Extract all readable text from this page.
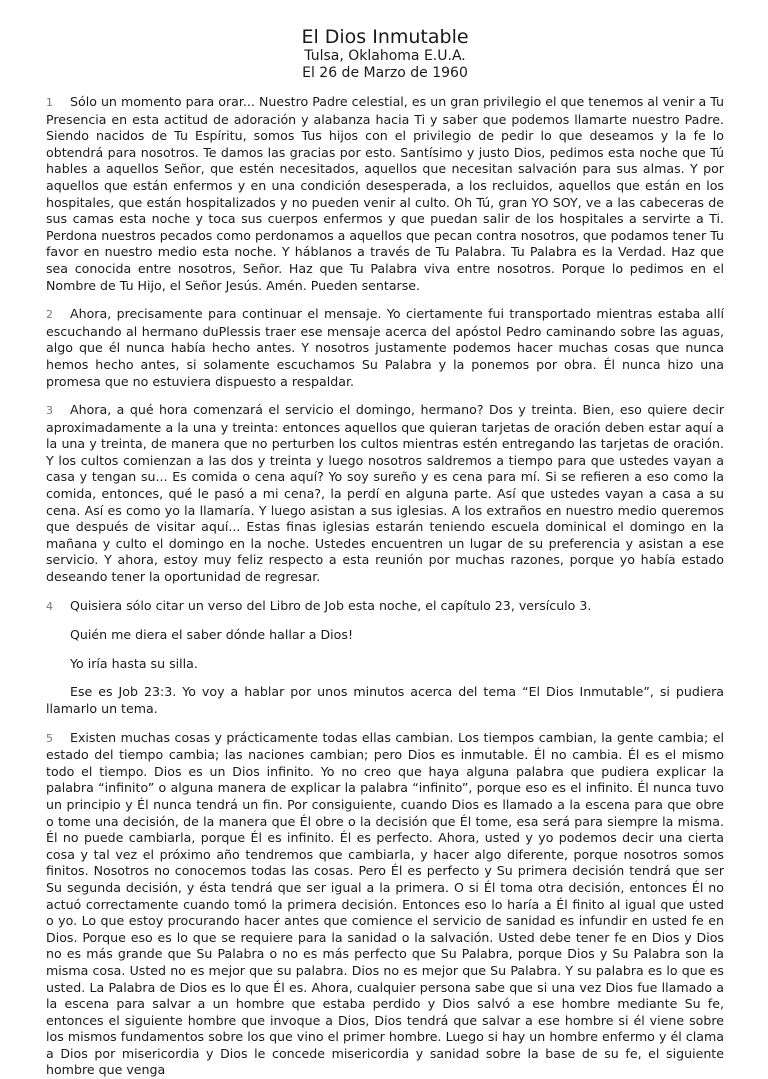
El Dios Inmutable
Tulsa, Oklahoma E.U.A.
El 26 de Marzo de 1960

1 Sólo un momento para orar... Nuestro Padre celestial, es un gran privilegio el que tenemos al venir a Tu Presencia en esta actitud de adoración y alabanza hacia Ti y saber que podemos llamarte nuestro Padre. Siendo nacidos de Tu Espíritu, somos Tus hijos con el privilegio de pedir lo que deseamos y la fe lo obtendrá para nosotros. Te damos las gracias por esto. Santísimo y justo Dios, pedimos esta noche que Tú hables a aquellos Señor, que estén necesitados, aquellos que necesitan salvación para sus almas. Y por aquellos que están enfermos y en una condición desesperada, a los recluidos, aquellos que están en los hospitales, que están hospitalizados y no pueden venir al culto. Oh Tú, gran YO SOY, ve a las cabeceras de sus camas esta noche y toca sus cuerpos enfermos y que puedan salir de los hospitales a servirte a Ti. Perdona nuestros pecados como perdonamos a aquellos que pecan contra nosotros, que podamos tener Tu favor en nuestro medio esta noche. Y háblanos a través de Tu Palabra. Tu Palabra es la Verdad. Haz que sea conocida entre nosotros, Señor. Haz que Tu Palabra viva entre nosotros. Porque lo pedimos en el Nombre de Tu Hijo, el Señor Jesús. Amén. Pueden sentarse.

2 Ahora, precisamente para continuar el mensaje. Yo ciertamente fui transportado mientras estaba allí escuchando al hermano duPlessis traer ese mensaje acerca del apóstol Pedro caminando sobre las aguas, algo que él nunca había hecho antes. Y nosotros justamente podemos hacer muchas cosas que nunca hemos hecho antes, si solamente escuchamos Su Palabra y la ponemos por obra. Él nunca hizo una promesa que no estuviera dispuesto a respaldar.

3 Ahora, a qué hora comenzará el servicio el domingo, hermano? Dos y treinta. Bien, eso quiere decir aproximadamente a la una y treinta: entonces aquellos que quieran tarjetas de oración deben estar aquí a la una y treinta, de manera que no perturben los cultos mientras estén entregando las tarjetas de oración. Y los cultos comienzan a las dos y treinta y luego nosotros saldremos a tiempo para que ustedes vayan a casa y tengan su... Es comida o cena aquí? Yo soy sureño y es cena para mí. Si se refieren a eso como la comida, entonces, qué le pasó a mi cena?, la perdí en alguna parte. Así que ustedes vayan a casa a su cena. Así es como yo la llamaría. Y luego asistan a sus iglesias. A los extraños en nuestro medio queremos que después de visitar aquí... Estas finas iglesias estarán teniendo escuela dominical el domingo en la mañana y culto el domingo en la noche. Ustedes encuentren un lugar de su preferencia y asistan a ese servicio. Y ahora, estoy muy feliz respecto a esta reunión por muchas razones, porque yo había estado deseando tener la oportunidad de regresar.

4 Quisiera sólo citar un verso del Libro de Job esta noche, el capítulo 23, versículo 3.

Quién me diera el saber dónde hallar a Dios!

Yo iría hasta su silla.

Ese es Job 23:3. Yo voy a hablar por unos minutos acerca del tema “El Dios Inmutable”, si pudiera llamarlo un tema.

5 Existen muchas cosas y prácticamente todas ellas cambian. Los tiempos cambian, la gente cambia; el estado del tiempo cambia; las naciones cambian; pero Dios es inmutable. Él no cambia. Él es el mismo todo el tiempo. Dios es un Dios infinito. Yo no creo que haya alguna palabra que pudiera explicar la palabra “infinito” o alguna manera de explicar la palabra “infinito”, porque eso es el infinito. Él nunca tuvo un principio y Él nunca tendrá un fin. Por consiguiente, cuando Dios es llamado a la escena para que obre o tome una decisión, de la manera que Él obre o la decisión que Él tome, esa será para siempre la misma. Él no puede cambiarla, porque Él es infinito. Él es perfecto. Ahora, usted y yo podemos decir una cierta cosa y tal vez el próximo año tendremos que cambiarla, y hacer algo diferente, porque nosotros somos finitos. Nosotros no conocemos todas las cosas. Pero Él es perfecto y Su primera decisión tendrá que ser Su segunda decisión, y ésta tendrá que ser igual a la primera. O si Él toma otra decisión, entonces Él no actuó correctamente cuando tomó la primera decisión. Entonces eso lo haría a Él finito al igual que usted o yo. Lo que estoy procurando hacer antes que comience el servicio de sanidad es infundir en usted fe en Dios. Porque eso es lo que se requiere para la sanidad o la salvación. Usted debe tener fe en Dios y Dios no es más grande que Su Palabra o no es más perfecto que Su Palabra, porque Dios y Su Palabra son la misma cosa. Usted no es mejor que su palabra. Dios no es mejor que Su Palabra. Y su palabra es lo que es usted. La Palabra de Dios es lo que Él es. Ahora, cualquier persona sabe que si una vez Dios fue llamado a la escena para salvar a un hombre que estaba perdido y Dios salvó a ese hombre mediante Su fe, entonces el siguiente hombre que invoque a Dios, Dios tendrá que salvar a ese hombre si él viene sobre los mismos fundamentos sobre los que vino el primer hombre. Luego si hay un hombre enfermo y él clama a Dios por misericordia y Dios le concede misericordia y sanidad sobre la base de su fe, el siguiente hombre que venga
